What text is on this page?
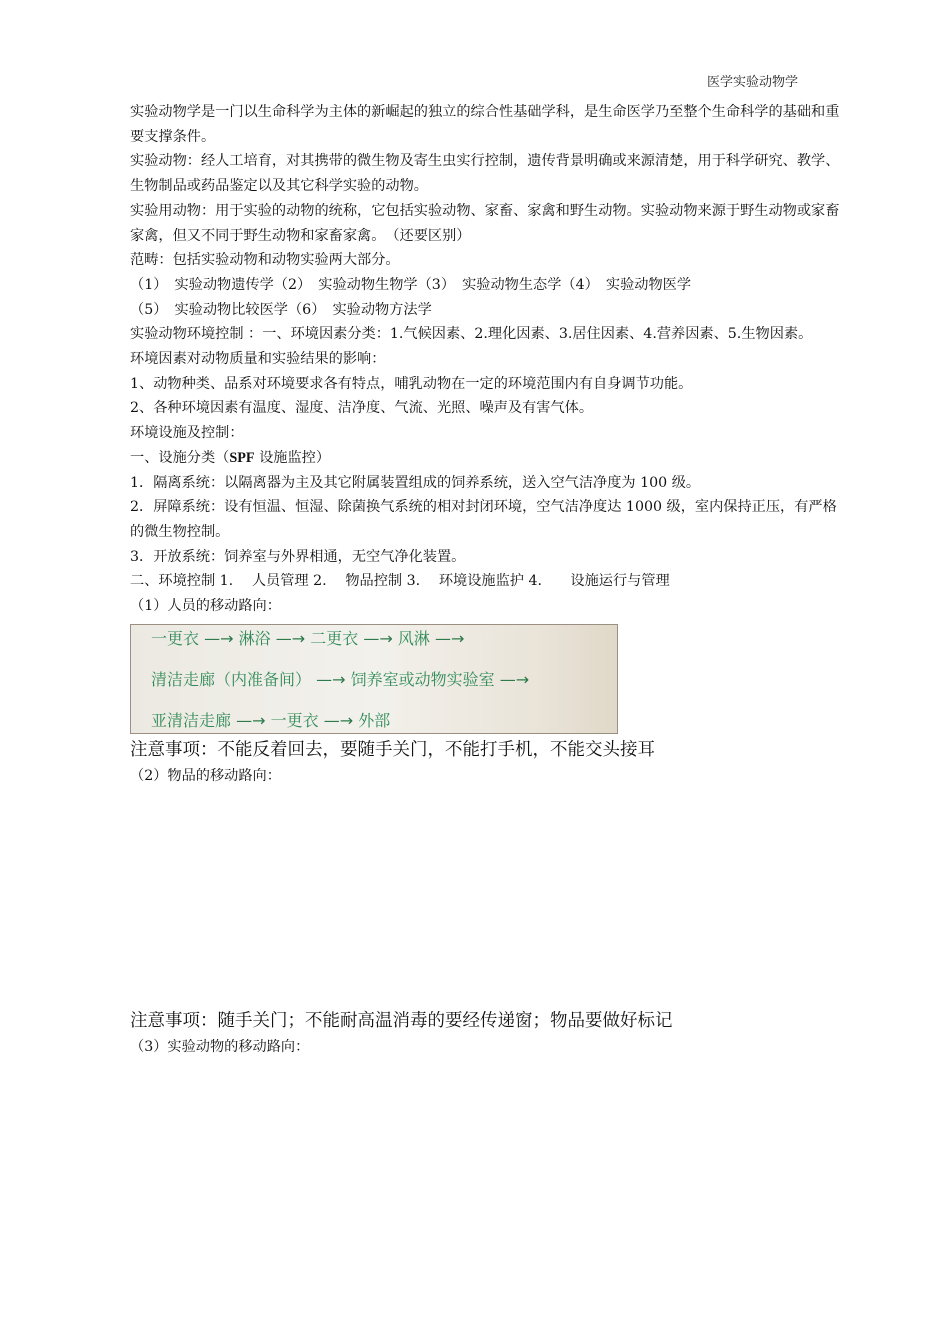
医学实验动物学

实验动物学是一门以生命科学为主体的新崛起的独立的综合性基础学科，是生命医学乃至整个生命科学的基础和重要支撑条件。

实验动物：经人工培育，对其携带的微生物及寄生虫实行控制，遗传背景明确或来源清楚，用于科学研究、教学、生物制品或药品鉴定以及其它科学实验的动物。

实验用动物：用于实验的动物的统称，它包括实验动物、家畜、家禽和野生动物。实验动物来源于野生动物或家畜家禽，但又不同于野生动物和家畜家禽。　（还要区别）

范畴：包括实验动物和动物实验两大部分。

（1）　实验动物遗传学（2）　实验动物生物学（3）　实验动物生态学（4）　实验动物医学

（5）　实验动物比较医学（6）　实验动物方法学

实验动物环境控制 ：一、环境因素分类：1.气候因素、2.理化因素、3.居住因素、4.营养因素、5.生物因素。

环境因素对动物质量和实验结果的影响：

1、动物种类、品系对环境要求各有特点，哺乳动物在一定的环境范围内有自身调节功能。

2、各种环境因素有温度、湿度、洁净度、气流、光照、噪声及有害气体。

环境设施及控制：

一、设施分类（SPF 设施监控）

1．隔离系统：以隔离器为主及其它附属装置组成的饲养系统，送入空气洁净度为 100 级。

2．屏障系统：设有恒温、恒湿、除菌换气系统的相对封闭环境，空气洁净度达 1000 级，室内保持正压，有严格的微生物控制。

3．开放系统：饲养室与外界相通，无空气净化装置。

二、环境控制 1.　 人员管理 2.　 物品控制 3.　 环境设施监护 4.　　设施运行与管理

（1）人员的移动路向：

一更衣 —→ 淋浴 —→ 二更衣 —→ 风淋 —→
清洁走廊（内准备间） —→ 饲养室或动物实验室 —→
亚清洁走廊 —→ 一更衣 —→ 外部

注意事项：不能反着回去，要随手关门，不能打手机，不能交头接耳

（2）物品的移动路向：

注意事项：随手关门；不能耐高温消毒的要经传递窗；物品要做好标记

（3）实验动物的移动路向：
